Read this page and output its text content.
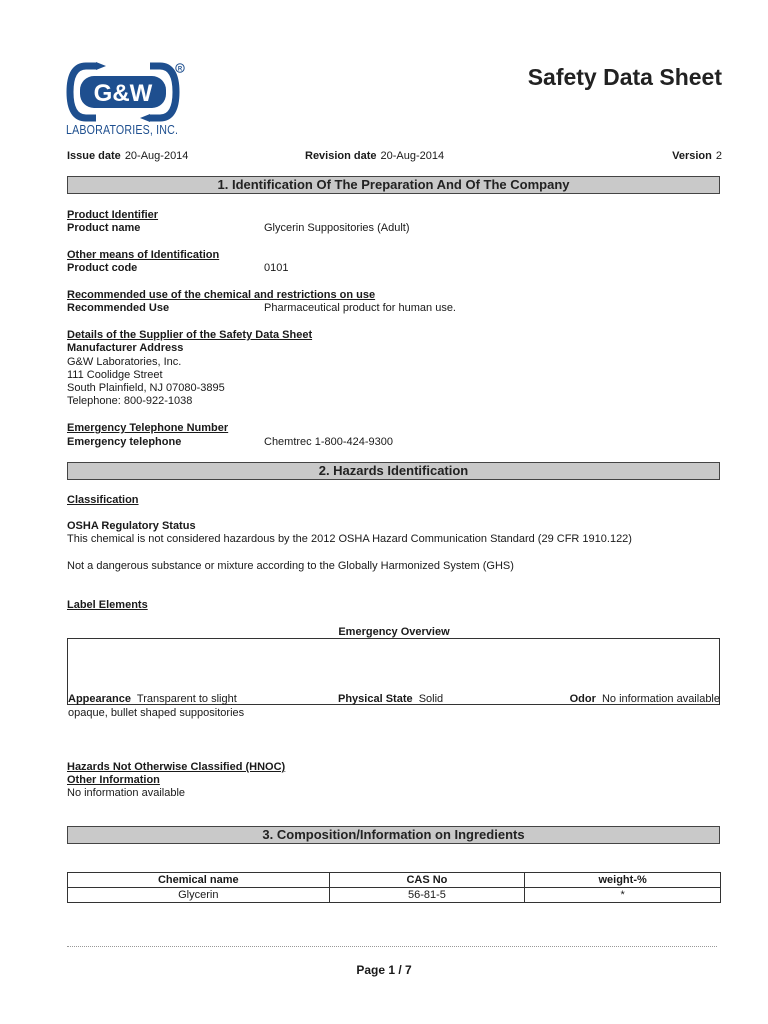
G&W
R
LABORATORIES, INC.
Safety Data Sheet
Issue date 20-Aug-2014	Revision date 20-Aug-2014	Version 2
1. Identification Of The Preparation And Of The Company
Product Identifier
Product name	Glycerin Suppositories (Adult)
Other means of Identification
Product code	0101
Recommended use of the chemical and restrictions on use
Recommended Use	Pharmaceutical product for human use.
Details of the Supplier of the Safety Data Sheet
Manufacturer Address
G&W Laboratories, Inc.
111 Coolidge Street
South Plainfield, NJ 07080-3895
Telephone: 800-922-1038
Emergency Telephone Number
Emergency telephone	Chemtrec 1-800-424-9300
2. Hazards Identification
Classification
OSHA Regulatory Status
This chemical is not considered hazardous by the 2012 OSHA Hazard Communication Standard (29 CFR 1910.122)
Not a dangerous substance or mixture according to the Globally Harmonized System (GHS)
Label Elements
Emergency Overview
Appearance Transparent to slight
opaque, bullet shaped suppositories
Physical State Solid	Odor No information available
Hazards Not Otherwise Classified (HNOC)
Other Information
No information available
3. Composition/Information on Ingredients
Chemical name	CAS No	weight-%
Glycerin	56-81-5	*
Page 1 / 7
